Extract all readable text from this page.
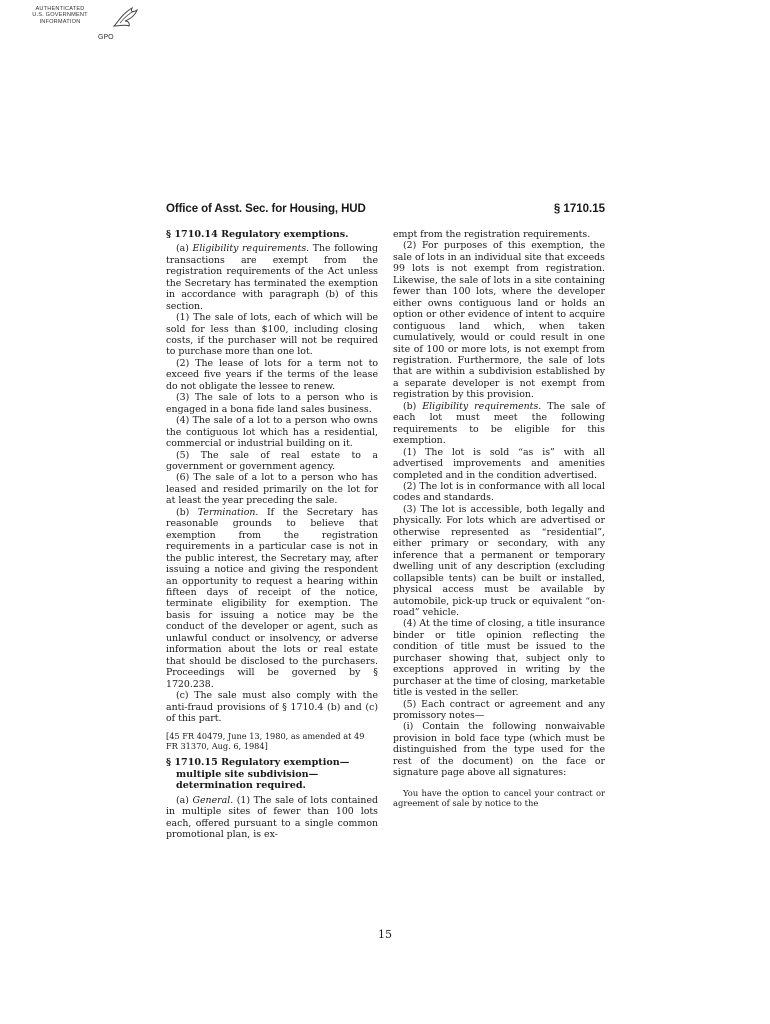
AUTHENTICATED
U.S. GOVERNMENT
INFORMATION
GPO
Office of Asst. Sec. for Housing, HUD	§ 1710.15
§ 1710.14 Regulatory exemptions.

(a) Eligibility requirements. The following transactions are exempt from the registration requirements of the Act unless the Secretary has terminated the exemption in accordance with paragraph (b) of this section.

(1) The sale of lots, each of which will be sold for less than $100, including closing costs, if the purchaser will not be required to purchase more than one lot.

(2) The lease of lots for a term not to exceed five years if the terms of the lease do not obligate the lessee to renew.

(3) The sale of lots to a person who is engaged in a bona fide land sales business.

(4) The sale of a lot to a person who owns the contiguous lot which has a residential, commercial or industrial building on it.

(5) The sale of real estate to a government or government agency.

(6) The sale of a lot to a person who has leased and resided primarily on the lot for at least the year preceding the sale.

(b) Termination. If the Secretary has reasonable grounds to believe that exemption from the registration requirements in a particular case is not in the public interest, the Secretary may, after issuing a notice and giving the respondent an opportunity to request a hearing within fifteen days of receipt of the notice, terminate eligibility for exemption. The basis for issuing a notice may be the conduct of the developer or agent, such as unlawful conduct or insolvency, or adverse information about the lots or real estate that should be disclosed to the purchasers. Proceedings will be governed by § 1720.238.

(c) The sale must also comply with the anti-fraud provisions of § 1710.4 (b) and (c) of this part.

[45 FR 40479, June 13, 1980, as amended at 49 FR 31370, Aug. 6, 1984]

§ 1710.15 Regulatory exemption—multiple site subdivision—determination required.

(a) General. (1) The sale of lots contained in multiple sites of fewer than 100 lots each, offered pursuant to a single common promotional plan, is ex-

empt from the registration requirements.

(2) For purposes of this exemption, the sale of lots in an individual site that exceeds 99 lots is not exempt from registration. Likewise, the sale of lots in a site containing fewer than 100 lots, where the developer either owns contiguous land or holds an option or other evidence of intent to acquire contiguous land which, when taken cumulatively, would or could result in one site of 100 or more lots, is not exempt from registration. Furthermore, the sale of lots that are within a subdivision established by a separate developer is not exempt from registration by this provision.

(b) Eligibility requirements. The sale of each lot must meet the following requirements to be eligible for this exemption.

(1) The lot is sold “as is” with all advertised improvements and amenities completed and in the condition advertised.

(2) The lot is in conformance with all local codes and standards.

(3) The lot is accessible, both legally and physically. For lots which are advertised or otherwise represented as “residential”, either primary or secondary, with any inference that a permanent or temporary dwelling unit of any description (excluding collapsible tents) can be built or installed, physical access must be available by automobile, pick-up truck or equivalent “on-road” vehicle.

(4) At the time of closing, a title insurance binder or title opinion reflecting the condition of title must be issued to the purchaser showing that, subject only to exceptions approved in writing by the purchaser at the time of closing, marketable title is vested in the seller.

(5) Each contract or agreement and any promissory notes—

(i) Contain the following nonwaivable provision in bold face type (which must be distinguished from the type used for the rest of the document) on the face or signature page above all signatures:

You have the option to cancel your contract or agreement of sale by notice to the

15
